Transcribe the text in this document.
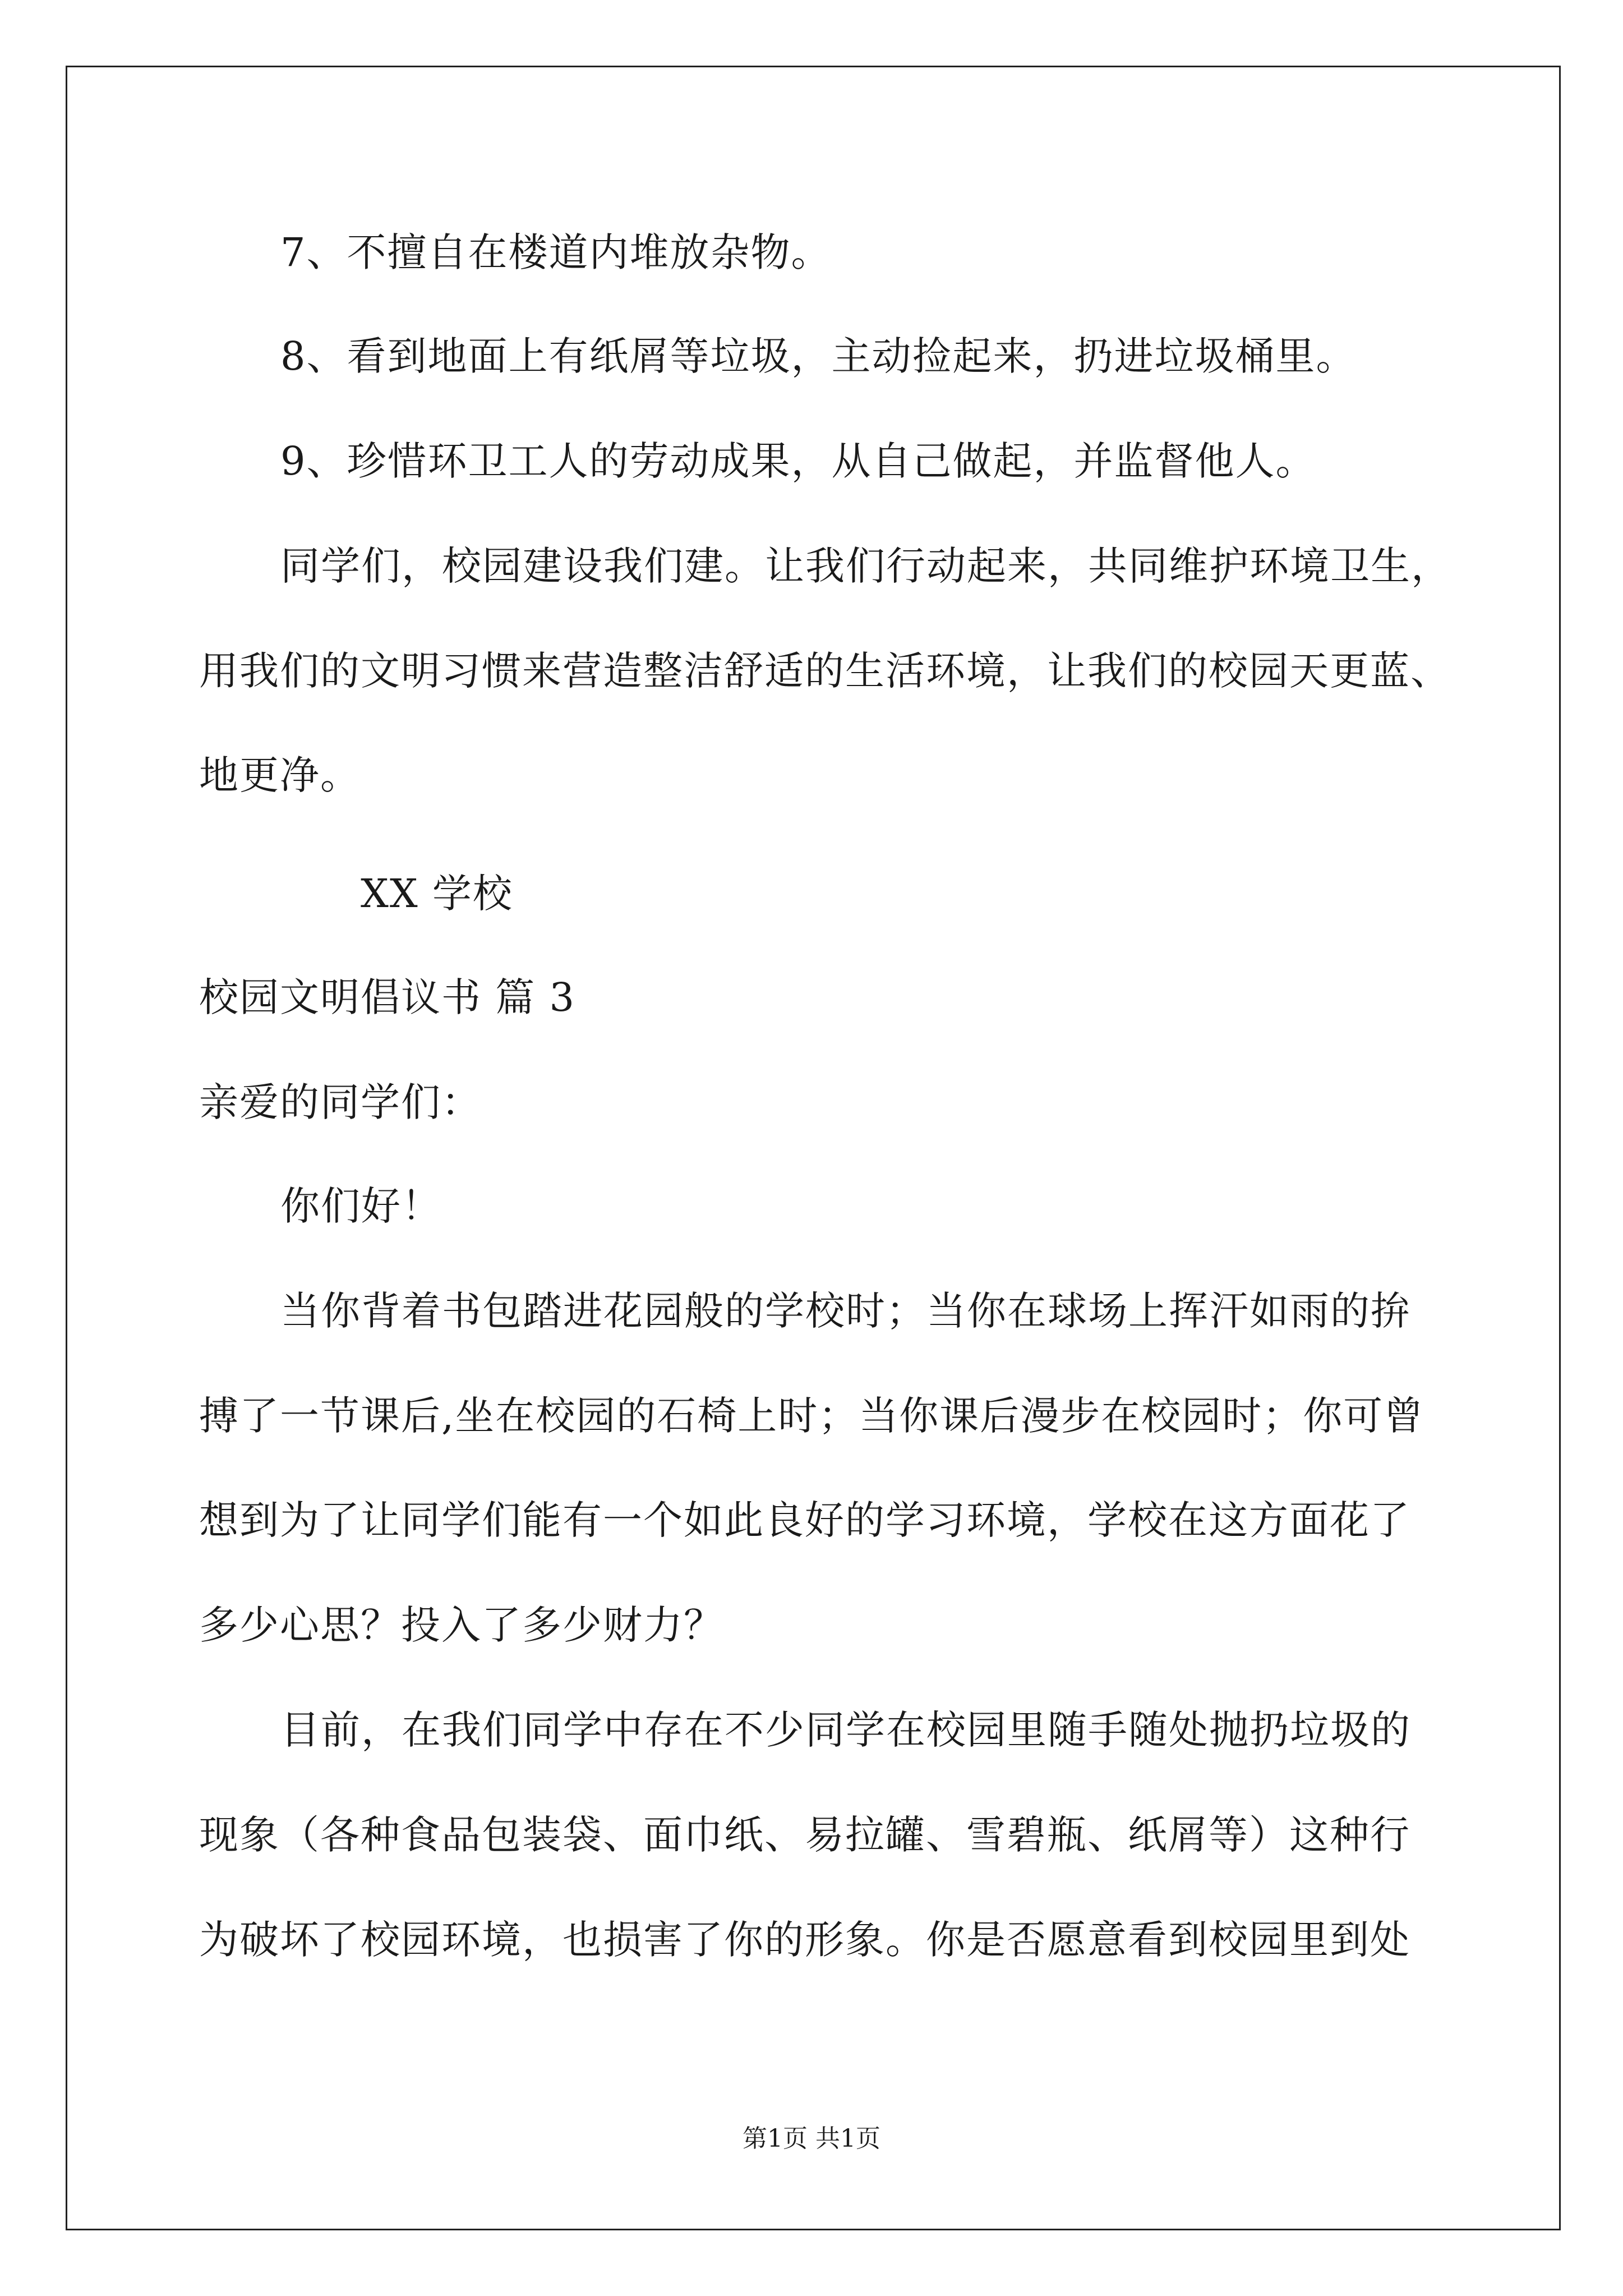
7、不擅自在楼道内堆放杂物。
8、看到地面上有纸屑等垃圾，主动捡起来，扔进垃圾桶里。
9、珍惜环卫工人的劳动成果，从自己做起，并监督他人。
同学们，校园建设我们建。让我们行动起来，共同维护环境卫生，
用我们的文明习惯来营造整洁舒适的生活环境，让我们的校园天更蓝、
地更净。
XX 学校
校园文明倡议书 篇 3
亲爱的同学们：
你们好！
当你背着书包踏进花园般的学校时；当你在球场上挥汗如雨的拚
搏了一节课后,坐在校园的石椅上时；当你课后漫步在校园时；你可曾
想到为了让同学们能有一个如此良好的学习环境，学校在这方面花了
多少心思？投入了多少财力？
目前，在我们同学中存在不少同学在校园里随手随处抛扔垃圾的
现象（各种食品包装袋、面巾纸、易拉罐、雪碧瓶、纸屑等）这种行
为破坏了校园环境，也损害了你的形象。你是否愿意看到校园里到处
第1页 共1页
